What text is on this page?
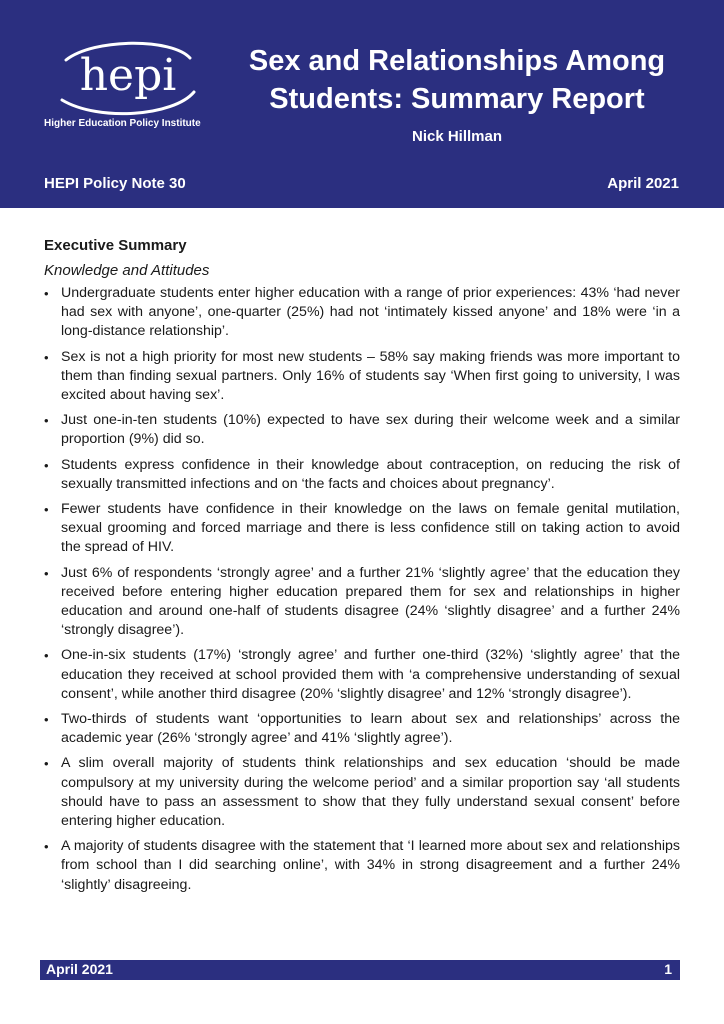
hepi
Higher Education Policy Institute
Sex and Relationships Among
Students: Summary Report
Nick Hillman
HEPI Policy Note 30	April 2021
Executive Summary
Knowledge and Attitudes
• Undergraduate students enter higher education with a range of prior experiences: 43% ‘had never had sex with anyone’, one-quarter (25%) had not ‘intimately kissed anyone’ and 18% were ‘in a long-distance relationship’.
• Sex is not a high priority for most new students – 58% say making friends was more important to them than finding sexual partners. Only 16% of students say ‘When first going to university, I was excited about having sex’.
• Just one-in-ten students (10%) expected to have sex during their welcome week and a similar proportion (9%) did so.
• Students express confidence in their knowledge about contraception, on reducing the risk of sexually transmitted infections and on ‘the facts and choices about pregnancy’.
• Fewer students have confidence in their knowledge on the laws on female genital mutilation, sexual grooming and forced marriage and there is less confidence still on taking action to avoid the spread of HIV.
• Just 6% of respondents ‘strongly agree’ and a further 21% ‘slightly agree’ that the education they received before entering higher education prepared them for sex and relationships in higher education and around one-half of students disagree (24% ‘slightly disagree’ and a further 24% ‘strongly disagree’).
• One-in-six students (17%) ‘strongly agree’ and further one-third (32%) ‘slightly agree’ that the education they received at school provided them with ‘a comprehensive understanding of sexual consent’, while another third disagree (20% ‘slightly disagree’ and 12% ‘strongly disagree’).
• Two-thirds of students want ‘opportunities to learn about sex and relationships’ across the academic year (26% ‘strongly agree’ and 41% ‘slightly agree’).
• A slim overall majority of students think relationships and sex education ‘should be made compulsory at my university during the welcome period’ and a similar proportion say ‘all students should have to pass an assessment to show that they fully understand sexual consent’ before entering higher education.
• A majority of students disagree with the statement that ‘I learned more about sex and relationships from school than I did searching online’, with 34% in strong disagreement and a further 24% ‘slightly’ disagreeing.
April 2021	1
